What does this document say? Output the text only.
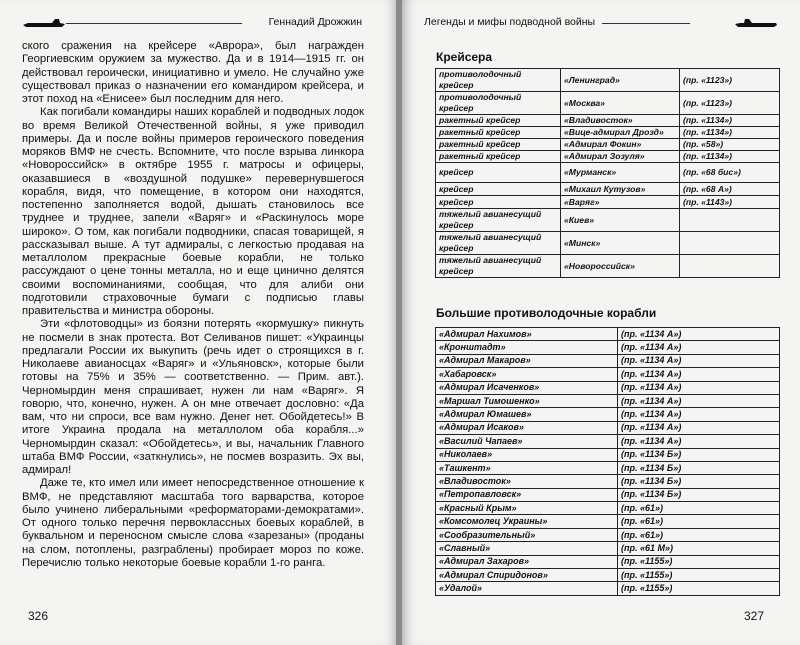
Геннадий Дрожжин

ского сражения на крейсере «Аврора», был награжден Георгиевским оружием за мужество. Да и в 1914—1915 гг. он действовал героически, инициативно и умело. Не случайно уже существовал приказ о назначении его командиром крейсера, и этот поход на «Енисее» был последним для него.

Как погибали командиры наших кораблей и подводных лодок во время Великой Отечественной войны, я уже приводил примеры. Да и после войны примеров героического поведения моряков ВМФ не счесть. Вспомните, что после взрыва линкора «Новороссийск» в октябре 1955 г. матросы и офицеры, оказавшиеся в «воздушной подушке» перевернувшегося корабля, видя, что помещение, в котором они находятся, постепенно заполняется водой, дышать становилось все труднее и труднее, запели «Варяг» и «Раскинулось море широко». О том, как погибали подводники, спасая товарищей, я рассказывал выше. А тут адмиралы, с легкостью продавая на металлолом прекрасные боевые корабли, не только рассуждают о цене тонны металла, но и еще цинично делятся своими воспоминаниями, сообщая, что для алиби они подготовили страховочные бумаги с подписью главы правительства и министра обороны.

Эти «флотоводцы» из боязни потерять «кормушку» пикнуть не посмели в знак протеста. Вот Селиванов пишет: «Украинцы предлагали России их выкупить (речь идет о строящихся в г. Николаеве авианосцах «Варяг» и «Ульяновск», которые были готовы на 75% и 35% — соответственно. — Прим. авт.). Черномырдин меня спрашивает, нужен ли нам «Варяг». Я говорю, что, конечно, нужен. А он мне отвечает дословно: «Да вам, что ни спроси, все вам нужно. Денег нет. Обойдетесь!» В итоге Украина продала на металлолом оба корабля...» Черномырдин сказал: «Обойдетесь», и вы, начальник Главного штаба ВМФ России, «заткнулись», не посмев возразить. Эх вы, адмирал!

Даже те, кто имел или имеет непосредственное отношение к ВМФ, не представляют масштаба того варварства, которое было учинено либеральными «реформаторами-демократами». От одного только перечня первоклассных боевых кораблей, в буквальном и переносном смысле слова «зарезаны» (проданы на слом, потоплены, разграблены) пробирает мороз по коже. Перечислю только некоторые боевые корабли 1-го ранга.

326
Легенды и мифы подводной войны
Крейсера
противолодочный крейсер	«Ленинград»	(пр. «1123»)
противолодочный крейсер	«Москва»	(пр. «1123»)
ракетный крейсер	«Владивосток»	(пр. «1134»)
ракетный крейсер	«Вице-адмирал Дрозд»	(пр. «1134»)
ракетный крейсер	«Адмирал Фокин»	(пр. «58»)
ракетный крейсер	«Адмирал Зозуля»	(пр. «1134»)
крейсер	«Мурманск»	(пр. «68 бис»)
крейсер	«Михаил Кутузов»	(пр. «68 А»)
крейсер	«Варяг»	(пр. «1143»)
тяжелый авианесущий крейсер	«Киев»	
тяжелый авианесущий крейсер	«Минск»	
тяжелый авианесущий крейсер	«Новороссийск»	
Большие противолодочные корабли
«Адмирал Нахимов»	(пр. «1134 А»)
«Кронштадт»	(пр. «1134 А»)
«Адмирал Макаров»	(пр. «1134 А»)
«Хабаровск»	(пр. «1134 А»)
«Адмирал Исаченков»	(пр. «1134 А»)
«Маршал Тимошенко»	(пр. «1134 А»)
«Адмирал Юмашев»	(пр. «1134 А»)
«Адмирал Исаков»	(пр. «1134 А»)
«Василий Чапаев»	(пр. «1134 А»)
«Николаев»	(пр. «1134 Б»)
«Ташкент»	(пр. «1134 Б»)
«Владивосток»	(пр. «1134 Б»)
«Петропавловск»	(пр. «1134 Б»)
«Красный Крым»	(пр. «61»)
«Комсомолец Украины»	(пр. «61»)
«Сообразительный»	(пр. «61»)
«Славный»	(пр. «61 М»)
«Адмирал Захаров»	(пр. «1155»)
«Адмирал Спиридонов»	(пр. «1155»)
«Удалой»	(пр. «1155»)
327
